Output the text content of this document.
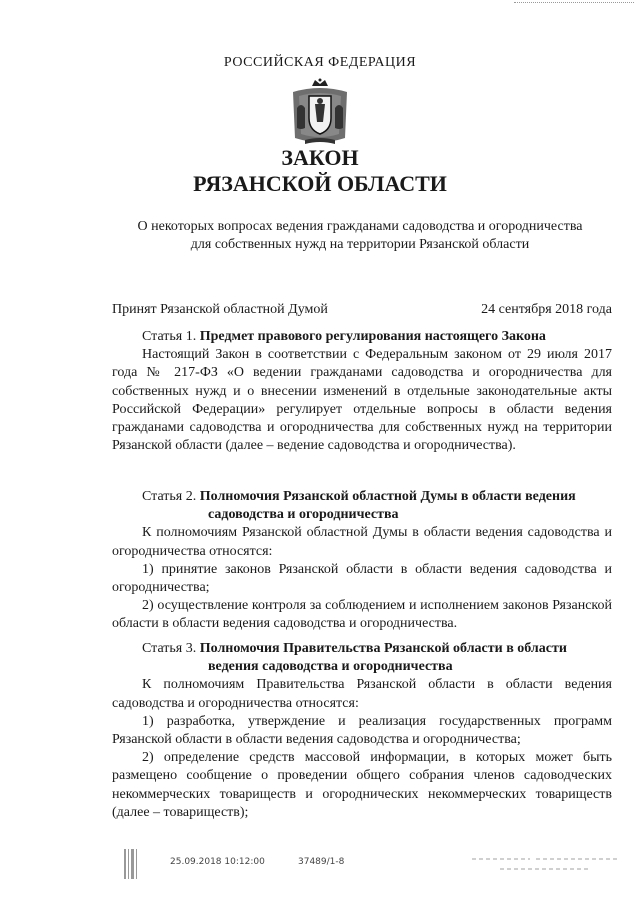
РОССИЙСКАЯ ФЕДЕРАЦИЯ
ЗАКОН
РЯЗАНСКОЙ ОБЛАСТИ
О некоторых вопросах ведения гражданами садоводства и огородничества
для собственных нужд на территории Рязанской области
Принят Рязанской областной Думой	24 сентября 2018 года

Статья 1. Предмет правового регулирования настоящего Закона

Настоящий Закон в соответствии с Федеральным законом от 29 июля 2017 года № 217-ФЗ «О ведении гражданами садоводства и огородничества для собственных нужд и о внесении изменений в отдельные законодательные акты Российской Федерации» регулирует отдельные вопросы в области ведения гражданами садоводства и огородничества для собственных нужд на территории Рязанской области (далее – ведение садоводства и огородничества).

Статья 2. Полномочия Рязанской областной Думы в области ведения

садоводства и огородничества

К полномочиям Рязанской областной Думы в области ведения садоводства и огородничества относятся:

1) принятие законов Рязанской области в области ведения садоводства и огородничества;

2) осуществление контроля за соблюдением и исполнением законов Рязанской области в области ведения садоводства и огородничества.

Статья 3. Полномочия Правительства Рязанской области в области

ведения садоводства и огородничества

К полномочиям Правительства Рязанской области в области ведения садоводства и огородничества относятся:

1) разработка, утверждение и реализация государственных программ Рязанской области в области ведения садоводства и огородничества;

2) определение средств массовой информации, в которых может быть размещено сообщение о проведении общего собрания членов садоводческих некоммерческих товариществ и огороднических некоммерческих товариществ (далее – товариществ);

25.09.2018 10:12:00	37489/1-8
